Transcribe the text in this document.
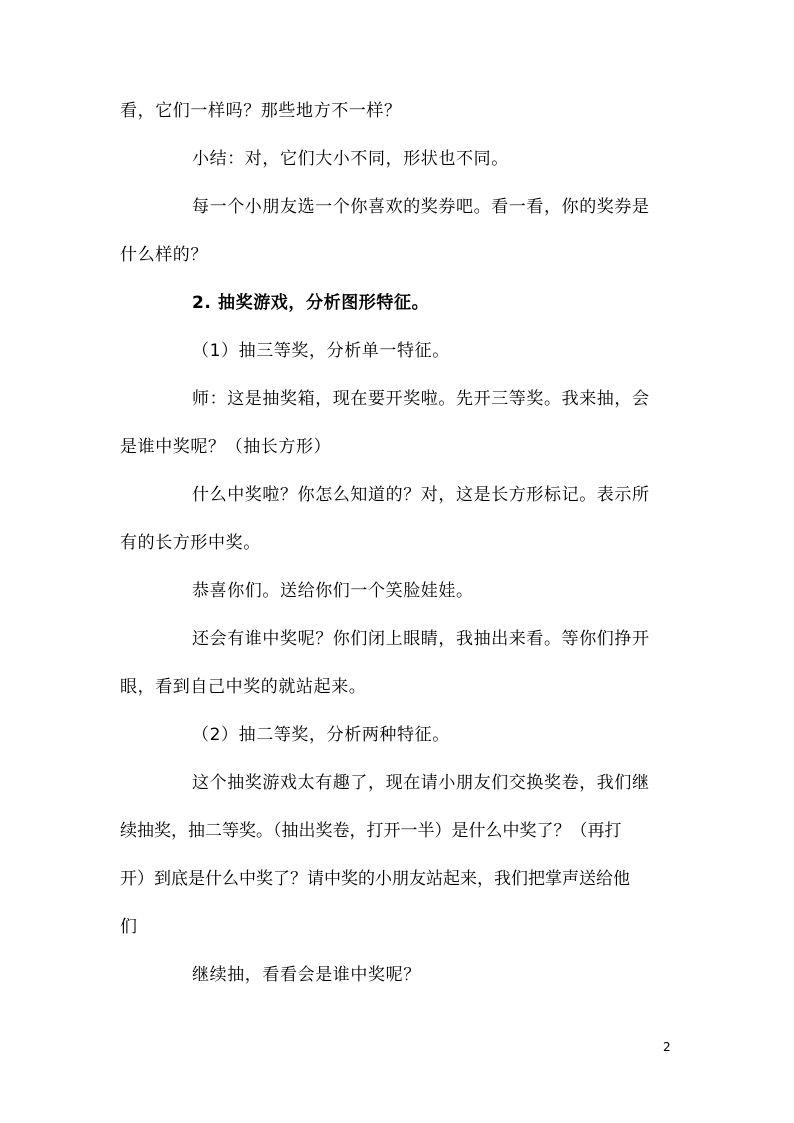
看，它们一样吗？那些地方不一样？
小结：对，它们大小不同，形状也不同。
每一个小朋友选一个你喜欢的奖券吧。看一看，你的奖券是
什么样的？
2. 抽奖游戏，分析图形特征。
（1）抽三等奖，分析单一特征。
师：这是抽奖箱，现在要开奖啦。先开三等奖。我来抽，会
是谁中奖呢？（抽长方形）
什么中奖啦？你怎么知道的？对，这是长方形标记。表示所
有的长方形中奖。
恭喜你们。送给你们一个笑脸娃娃。
还会有谁中奖呢？你们闭上眼睛，我抽出来看。等你们挣开
眼，看到自己中奖的就站起来。
（2）抽二等奖，分析两种特征。
这个抽奖游戏太有趣了，现在请小朋友们交换奖卷，我们继
续抽奖，抽二等奖。（抽出奖卷，打开一半）是什么中奖了？（再打
开）到底是什么中奖了？请中奖的小朋友站起来，我们把掌声送给他
们
继续抽，看看会是谁中奖呢？
2
